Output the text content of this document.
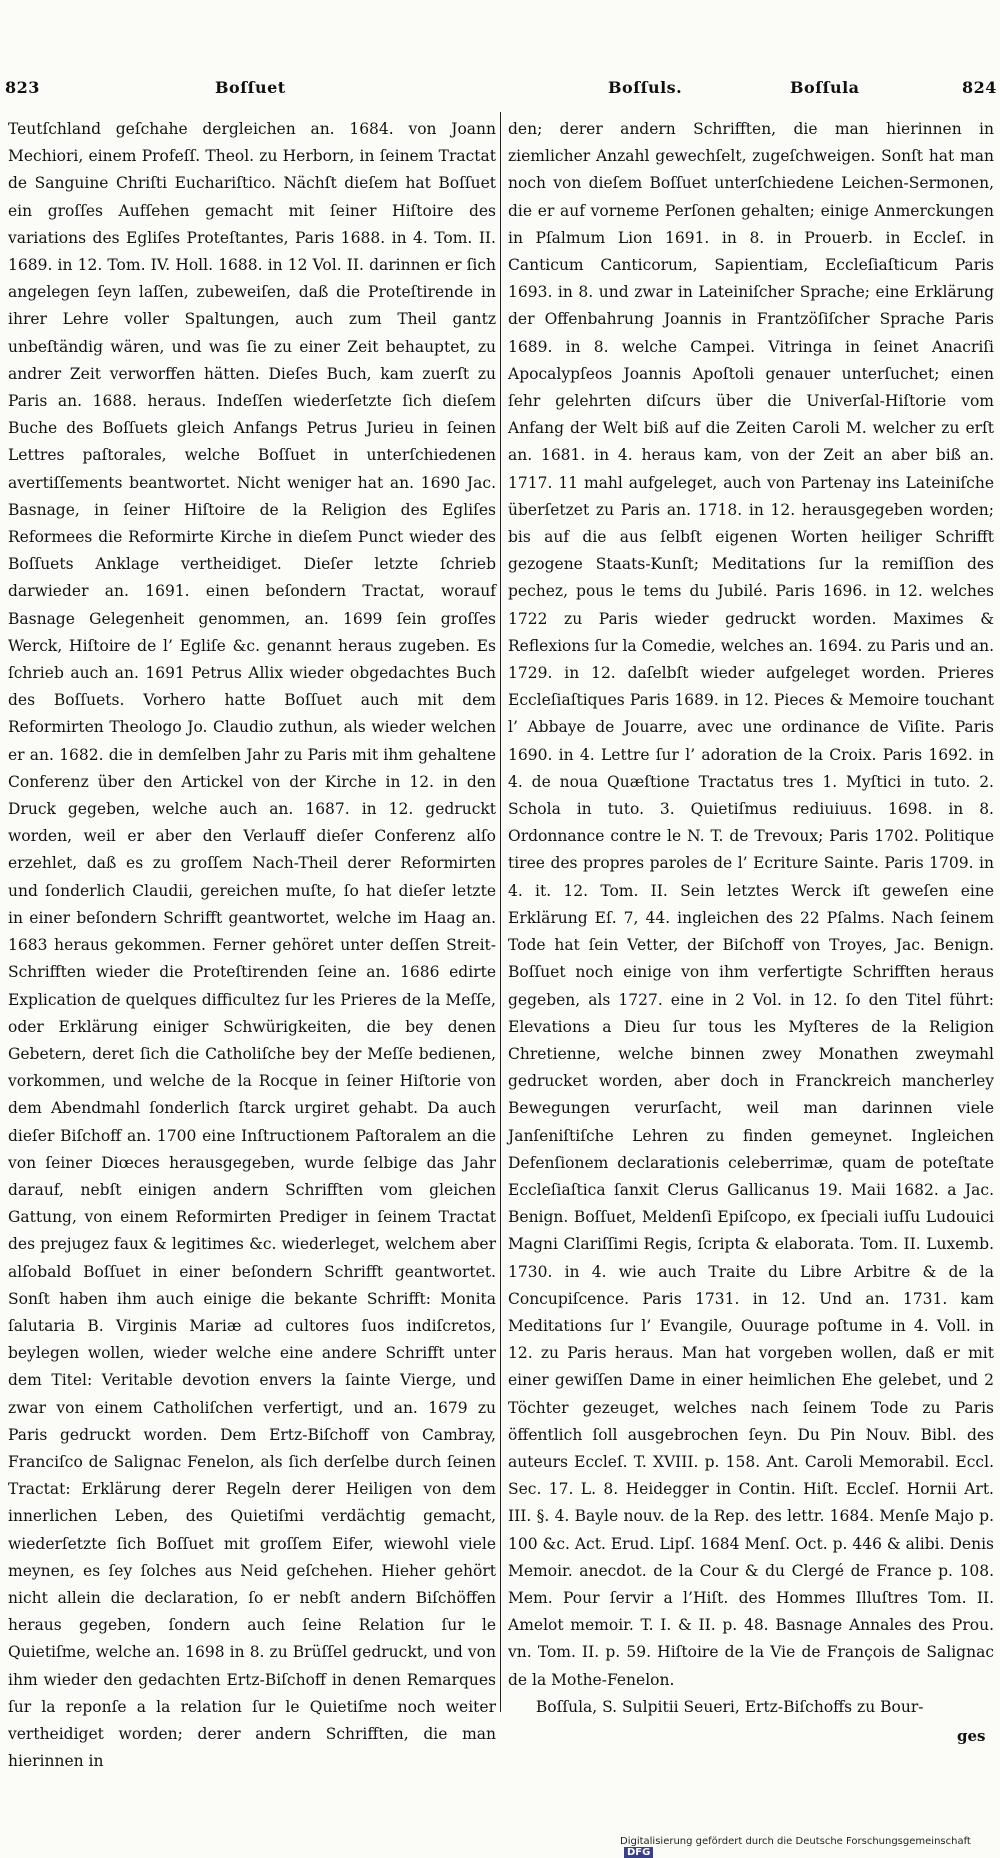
823	Boſſuet	Boſſuls.	Boſſula	824

Teutſchland geſchahe dergleichen an. 1684. von Joann Mechiori, einem Profeſſ. Theol. zu Herborn, in ſeinem Tractat de Sanguine Chriſti Euchariſtico. Nächſt dieſem hat Boſſuet ein groſſes Aufſehen gemacht mit ſeiner Hiſtoire des variations des Egliſes Proteſtantes, Paris 1688. in 4. Tom. II. 1689. in 12. Tom. IV. Holl. 1688. in 12 Vol. II. darinnen er ſich angelegen ſeyn laſſen, zubeweiſen, daß die Proteſtirende in ihrer Lehre voller Spaltungen, auch zum Theil gantz unbeſtändig wären, und was ſie zu einer Zeit behauptet, zu andrer Zeit verworffen hätten. Dieſes Buch, kam zuerſt zu Paris an. 1688. heraus. Indeſſen wiederſetzte ſich dieſem Buche des Boſſuets gleich Anfangs Petrus Jurieu in ſeinen Lettres paſtorales, welche Boſſuet in unterſchiedenen avertiſſements beantwortet. Nicht weniger hat an. 1690 Jac. Basnage, in ſeiner Hiſtoire de la Religion des Egliſes Reformees die Reformirte Kirche in dieſem Punct wieder des Boſſuets Anklage vertheidiget. Dieſer letzte ſchrieb darwieder an. 1691. einen beſondern Tractat, worauf Basnage Gelegenheit genommen, an. 1699 ſein groſſes Werck, Hiſtoire de l’ Egliſe &c. genannt heraus zugeben. Es ſchrieb auch an. 1691 Petrus Allix wieder obgedachtes Buch des Boſſuets. Vorhero hatte Boſſuet auch mit dem Reformirten Theologo Jo. Claudio zuthun, als wieder welchen er an. 1682. die in demſelben Jahr zu Paris mit ihm gehaltene Conferenz über den Artickel von der Kirche in 12. in den Druck gegeben, welche auch an. 1687. in 12. gedruckt worden, weil er aber den Verlauff dieſer Conferenz alſo erzehlet, daß es zu groſſem Nach-Theil derer Reformirten und ſonderlich Claudii, gereichen muſte, ſo hat dieſer letzte in einer beſondern Schrifft geantwortet, welche im Haag an. 1683 heraus gekommen. Ferner gehöret unter deſſen Streit-Schrifften wieder die Proteſtirenden ſeine an. 1686 edirte Explication de quelques difficultez ſur les Prieres de la Meſſe, oder Erklärung einiger Schwürigkeiten, die bey denen Gebetern, deret ſich die Catholiſche bey der Meſſe bedienen, vorkommen, und welche de la Rocque in ſeiner Hiſtorie von dem Abendmahl ſonderlich ſtarck urgiret gehabt. Da auch dieſer Biſchoff an. 1700 eine Inſtructionem Paſtoralem an die von ſeiner Diœces herausgegeben, wurde ſelbige das Jahr darauf, nebſt einigen andern Schrifften vom gleichen Gattung, von einem Reformirten Prediger in ſeinem Tractat des prejugez faux & legitimes &c. wiederleget, welchem aber alſobald Boſſuet in einer beſondern Schrifft geantwortet. Sonſt haben ihm auch einige die bekante Schrifft: Monita ſalutaria B. Virginis Mariæ ad cultores ſuos indiſcretos, beylegen wollen, wieder welche eine andere Schrifft unter dem Titel: Veritable devotion envers la ſainte Vierge, und zwar von einem Catholiſchen verfertigt, und an. 1679 zu Paris gedruckt worden. Dem Ertz-Biſchoff von Cambray, Franciſco de Salignac Fenelon, als ſich derſelbe durch ſeinen Tractat: Erklärung derer Regeln derer Heiligen von dem innerlichen Leben, des Quietiſmi verdächtig gemacht, wiederſetzte ſich Boſſuet mit groſſem Eifer, wiewohl viele meynen, es ſey ſolches aus Neid geſchehen. Hieher gehört nicht allein die declaration, ſo er nebſt andern Biſchöffen heraus gegeben, ſondern auch ſeine Relation ſur le Quietiſme, welche an. 1698 in 8. zu Brüſſel gedruckt, und von ihm wieder den gedachten Ertz-Biſchoff in denen Remarques ſur la reponſe a la relation ſur le Quietiſme noch weiter vertheidiget worden; derer andern Schrifften, die man hierinnen in

den; derer andern Schrifften, die man hierinnen in ziemlicher Anzahl gewechſelt, zugeſchweigen. Sonſt hat man noch von dieſem Boſſuet unterſchiedene Leichen-Sermonen, die er auf vorneme Perſonen gehalten; einige Anmerckungen in Pſalmum Lion 1691. in 8. in Prouerb. in Eccleſ. in Canticum Canticorum, Sapientiam, Eccleſiaſticum Paris 1693. in 8. und zwar in Lateiniſcher Sprache; eine Erklärung der Offenbahrung Joannis in Frantzöſiſcher Sprache Paris 1689. in 8. welche Campei. Vitringa in ſeinet Anacriſi Apocalypſeos Joannis Apoſtoli genauer unterſuchet; einen ſehr gelehrten diſcurs über die Univerſal-Hiſtorie vom Anfang der Welt biß auf die Zeiten Caroli M. welcher zu erſt an. 1681. in 4. heraus kam, von der Zeit an aber biß an. 1717. 11 mahl aufgeleget, auch von Partenay ins Lateiniſche überſetzet zu Paris an. 1718. in 12. herausgegeben worden; bis auf die aus ſelbſt eigenen Worten heiliger Schrifft gezogene Staats-Kunſt; Meditations ſur la remiſſion des pechez, pous le tems du Jubilé. Paris 1696. in 12. welches 1722 zu Paris wieder gedruckt worden. Maximes & Reflexions ſur la Comedie, welches an. 1694. zu Paris und an. 1729. in 12. daſelbſt wieder aufgeleget worden. Prieres Eccleſiaſtiques Paris 1689. in 12. Pieces & Memoire touchant l’ Abbaye de Jouarre, avec une ordinance de Viſite. Paris 1690. in 4. Lettre ſur l’ adoration de la Croix. Paris 1692. in 4. de noua Quæſtione Tractatus tres 1. Myſtici in tuto. 2. Schola in tuto. 3. Quietiſmus rediuiuus. 1698. in 8. Ordonnance contre le N. T. de Trevoux; Paris 1702. Politique tiree des propres paroles de l’ Ecriture Sainte. Paris 1709. in 4. it. 12. Tom. II. Sein letztes Werck iſt geweſen eine Erklärung Eſ. 7, 44. ingleichen des 22 Pſalms. Nach ſeinem Tode hat ſein Vetter, der Biſchoff von Troyes, Jac. Benign. Boſſuet noch einige von ihm verfertigte Schrifften heraus gegeben, als 1727. eine in 2 Vol. in 12. ſo den Titel führt: Elevations a Dieu ſur tous les Myſteres de la Religion Chretienne, welche binnen zwey Monathen zweymahl gedrucket worden, aber doch in Franckreich mancherley Bewegungen verurſacht, weil man darinnen viele Janſeniſtiſche Lehren zu finden gemeynet. Ingleichen Defenſionem declarationis celeberrimæ, quam de poteſtate Eccleſiaſtica ſanxit Clerus Gallicanus 19. Maii 1682. a Jac. Benign. Boſſuet, Meldenſi Epiſcopo, ex ſpeciali iuſſu Ludouici Magni Clariſſimi Regis, ſcripta & elaborata. Tom. II. Luxemb. 1730. in 4. wie auch Traite du Libre Arbitre & de la Concupiſcence. Paris 1731. in 12. Und an. 1731. kam Meditations ſur l’ Evangile, Ouurage poſtume in 4. Voll. in 12. zu Paris heraus. Man hat vorgeben wollen, daß er mit einer gewiſſen Dame in einer heimlichen Ehe gelebet, und 2 Töchter gezeuget, welches nach ſeinem Tode zu Paris öffentlich ſoll ausgebrochen ſeyn. Du Pin Nouv. Bibl. des auteurs Eccleſ. T. XVIII. p. 158. Ant. Caroli Memorabil. Eccl. Sec. 17. L. 8. Heidegger in Contin. Hiſt. Eccleſ. Hornii Art. III. §. 4. Bayle nouv. de la Rep. des lettr. 1684. Menſe Majo p. 100 &c. Act. Erud. Lipſ. 1684 Menſ. Oct. p. 446 & alibi. Denis Memoir. anecdot. de la Cour & du Clergé de France p. 108. Mem. Pour ſervir a l’Hiſt. des Hommes Illuſtres Tom. II. Amelot memoir. T. I. & II. p. 48. Basnage Annales des Prou. vn. Tom. II. p. 59. Hiſtoire de la Vie de François de Salignac de la Mothe-Fenelon.

Boſſula, S. Sulpitii Seueri, Ertz-Biſchoffs zu Bour-

ges
Digitalisierung gefördert durch die Deutsche Forschungsgemeinschaft DFG
